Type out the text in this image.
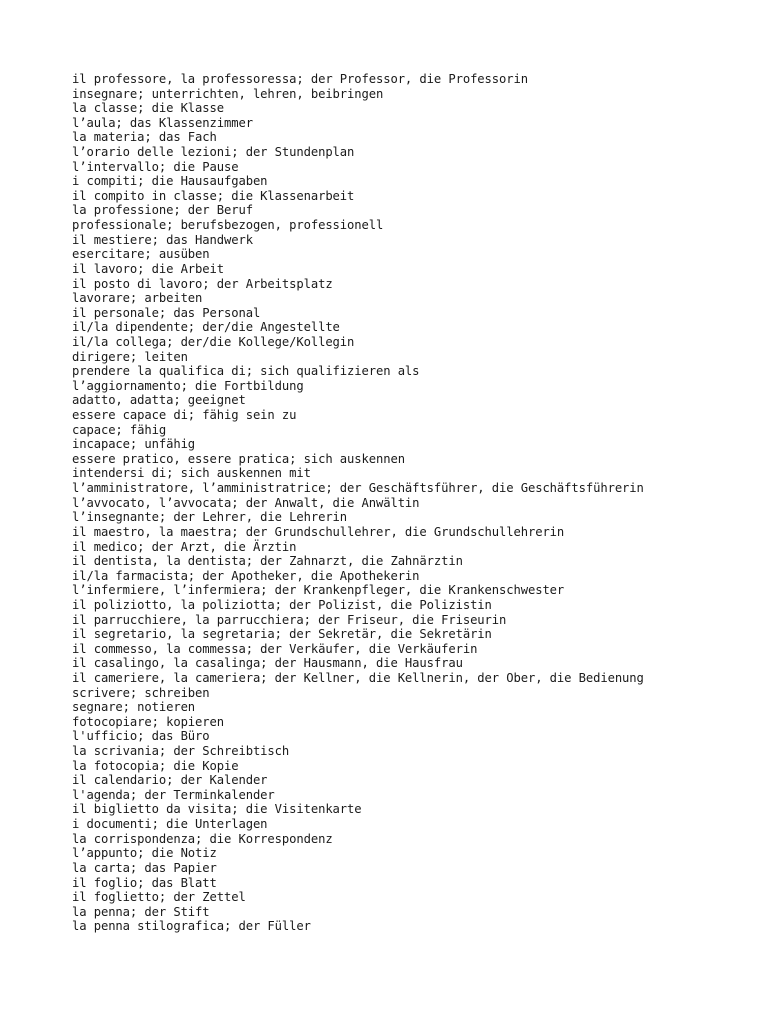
il professore, la professoressa; der Professor, die Professorin
insegnare; unterrichten, lehren, beibringen
la classe; die Klasse
l’aula; das Klassenzimmer
la materia; das Fach
l’orario delle lezioni; der Stundenplan
l’intervallo; die Pause
i compiti; die Hausaufgaben
il compito in classe; die Klassenarbeit
la professione; der Beruf
professionale; berufsbezogen, professionell
il mestiere; das Handwerk
esercitare; ausüben
il lavoro; die Arbeit
il posto di lavoro; der Arbeitsplatz
lavorare; arbeiten
il personale; das Personal
il/la dipendente; der/die Angestellte
il/la collega; der/die Kollege/Kollegin
dirigere; leiten
prendere la qualifica di; sich qualifizieren als
l’aggiornamento; die Fortbildung
adatto, adatta; geeignet
essere capace di; fähig sein zu
capace; fähig
incapace; unfähig
essere pratico, essere pratica; sich auskennen
intendersi di; sich auskennen mit
l’amministratore, l’amministratrice; der Geschäftsführer, die Geschäftsführerin
l’avvocato, l’avvocata; der Anwalt, die Anwältin
l’insegnante; der Lehrer, die Lehrerin
il maestro, la maestra; der Grundschullehrer, die Grundschullehrerin
il medico; der Arzt, die Ärztin
il dentista, la dentista; der Zahnarzt, die Zahnärztin
il/la farmacista; der Apotheker, die Apothekerin
l’infermiere, l’infermiera; der Krankenpfleger, die Krankenschwester
il poliziotto, la poliziotta; der Polizist, die Polizistin
il parrucchiere, la parrucchiera; der Friseur, die Friseurin
il segretario, la segretaria; der Sekretär, die Sekretärin
il commesso, la commessa; der Verkäufer, die Verkäuferin
il casalingo, la casalinga; der Hausmann, die Hausfrau
il cameriere, la cameriera; der Kellner, die Kellnerin, der Ober, die Bedienung
scrivere; schreiben
segnare; notieren
fotocopiare; kopieren
l'ufficio; das Büro
la scrivania; der Schreibtisch
la fotocopia; die Kopie
il calendario; der Kalender
l'agenda; der Terminkalender
il biglietto da visita; die Visitenkarte
i documenti; die Unterlagen
la corrispondenza; die Korrespondenz
l’appunto; die Notiz
la carta; das Papier
il foglio; das Blatt
il foglietto; der Zettel
la penna; der Stift
la penna stilografica; der Füller
